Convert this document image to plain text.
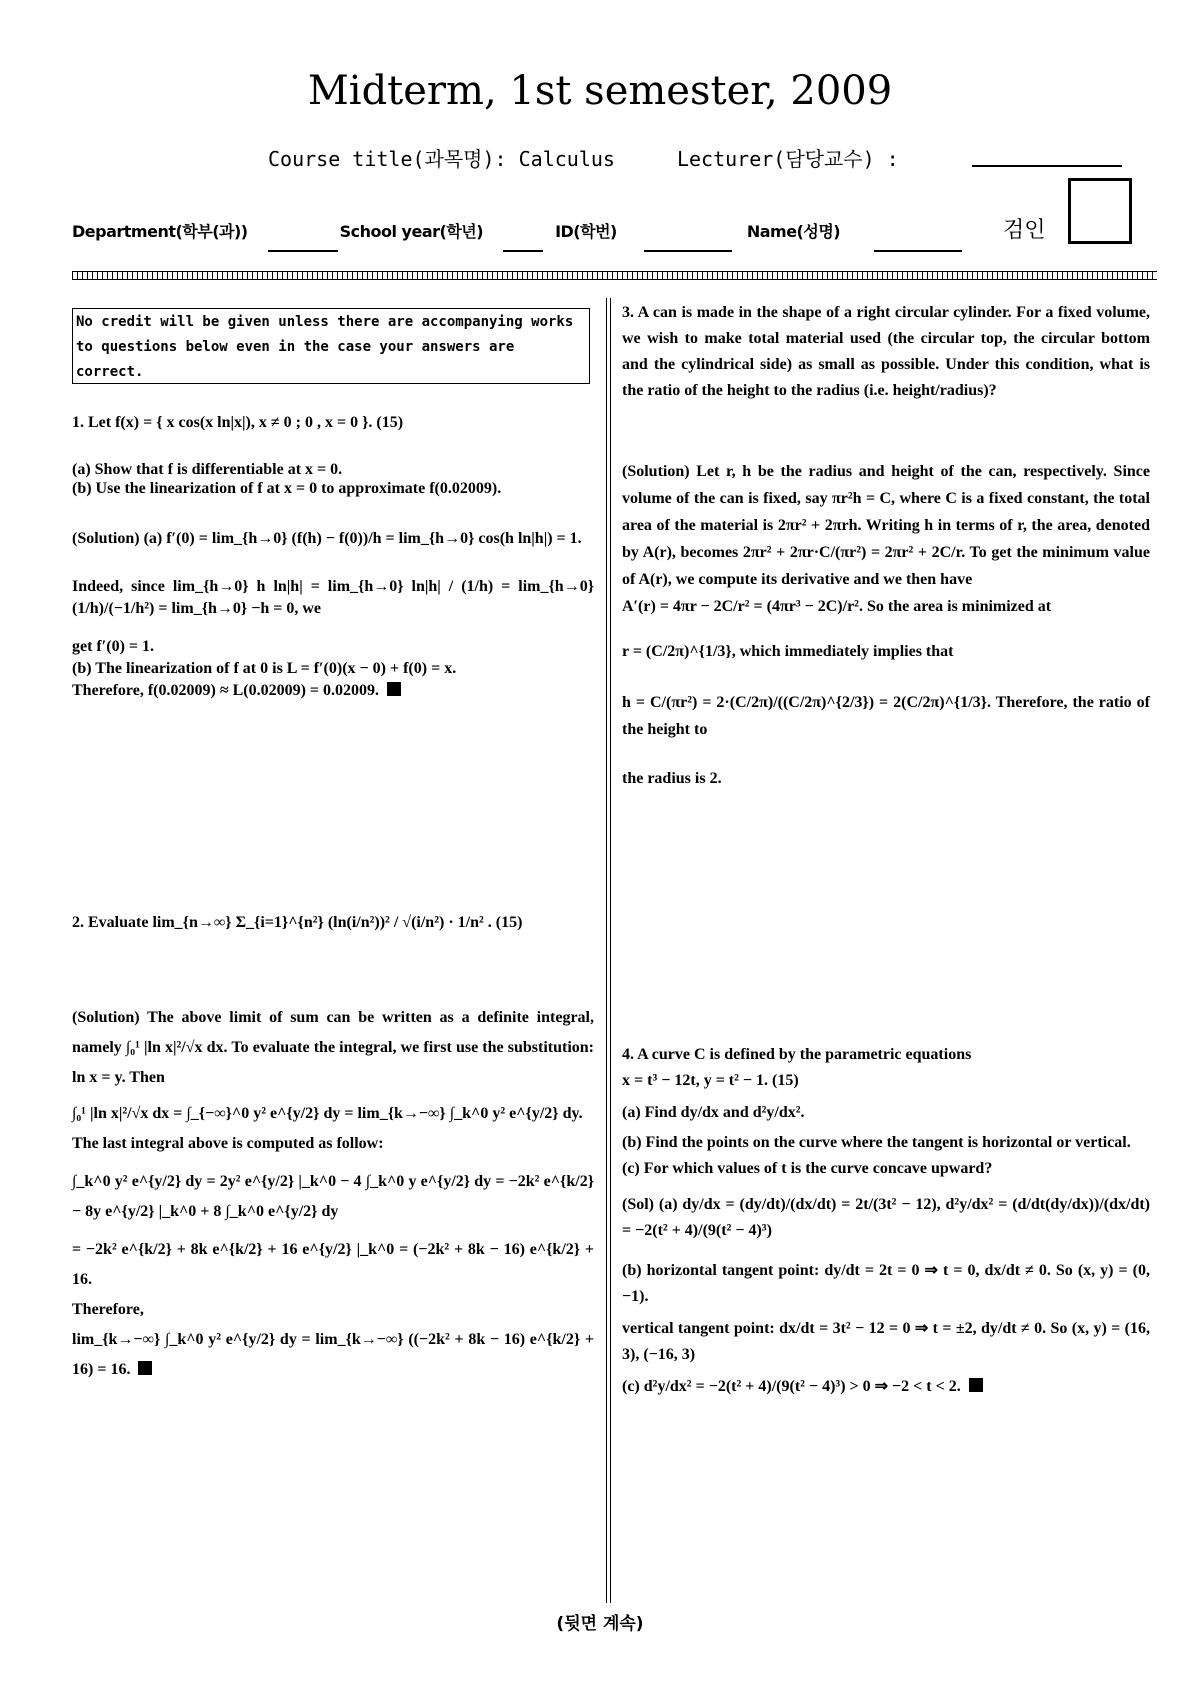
Midterm, 1st semester, 2009
Course title(과목명): Calculus	Lecturer(담당교수) :
Department(학부(과))	School year(학년)	ID(학번)	Name(성명)	검인
No credit will be given unless there are accompanying works to questions below even in the case your answers are correct.

1. Let f(x) = { x cos(x ln|x|), x ≠ 0 ; 0 , x = 0 }. (15)

(a) Show that f is differentiable at x = 0.

(b) Use the linearization of f at x = 0 to approximate f(0.02009).

(Solution) (a) f′(0) = lim_{h→0} (f(h) − f(0))/h = lim_{h→0} cos(h ln|h|) = 1.

Indeed, since lim_{h→0} h ln|h| = lim_{h→0} ln|h| / (1/h) = lim_{h→0} (1/h)/(−1/h²) = lim_{h→0} −h = 0, we

get f′(0) = 1.

(b) The linearization of f at 0 is L = f′(0)(x − 0) + f(0) = x.

Therefore, f(0.02009) ≈ L(0.02009) = 0.02009.

2. Evaluate lim_{n→∞} Σ_{i=1}^{n²} (ln(i/n²))² / √(i/n²) · 1/n² . (15)

(Solution) The above limit of sum can be written as a definite integral, namely ∫₀¹ |ln x|²/√x dx. To evaluate the integral, we first use the substitution: ln x = y. Then

∫₀¹ |ln x|²/√x dx = ∫_{−∞}^0 y² e^{y/2} dy = lim_{k→−∞} ∫_k^0 y² e^{y/2} dy.

The last integral above is computed as follow:

∫_k^0 y² e^{y/2} dy = 2y² e^{y/2} |_k^0 − 4 ∫_k^0 y e^{y/2} dy = −2k² e^{k/2} − 8y e^{y/2} |_k^0 + 8 ∫_k^0 e^{y/2} dy

= −2k² e^{k/2} + 8k e^{k/2} + 16 e^{y/2} |_k^0 = (−2k² + 8k − 16) e^{k/2} + 16.

Therefore,

lim_{k→−∞} ∫_k^0 y² e^{y/2} dy = lim_{k→−∞} ((−2k² + 8k − 16) e^{k/2} + 16) = 16.

3. A can is made in the shape of a right circular cylinder. For a fixed volume, we wish to make total material used (the circular top, the circular bottom and the cylindrical side) as small as possible. Under this condition, what is the ratio of the height to the radius (i.e. height/radius)?

(Solution) Let r, h be the radius and height of the can, respectively. Since volume of the can is fixed, say πr²h = C, where C is a fixed constant, the total area of the material is 2πr² + 2πrh. Writing h in terms of r, the area, denoted by A(r), becomes 2πr² + 2πr·C/(πr²) = 2πr² + 2C/r. To get the minimum value of A(r), we compute its derivative and we then have

A′(r) = 4πr − 2C/r² = (4πr³ − 2C)/r². So the area is minimized at

r = (C/2π)^{1/3}, which immediately implies that

h = C/(πr²) = 2·(C/2π)/((C/2π)^{2/3}) = 2(C/2π)^{1/3}. Therefore, the ratio of the height to

the radius is 2.

4. A curve C is defined by the parametric equations

x = t³ − 12t, y = t² − 1. (15)

(a) Find dy/dx and d²y/dx².

(b) Find the points on the curve where the tangent is horizontal or vertical.

(c) For which values of t is the curve concave upward?

(Sol) (a) dy/dx = (dy/dt)/(dx/dt) = 2t/(3t² − 12), d²y/dx² = (d/dt(dy/dx))/(dx/dt) = −2(t² + 4)/(9(t² − 4)³)

(b) horizontal tangent point: dy/dt = 2t = 0 ⇒ t = 0, dx/dt ≠ 0. So (x, y) = (0, −1).

vertical tangent point: dx/dt = 3t² − 12 = 0 ⇒ t = ±2, dy/dt ≠ 0. So (x, y) = (16, 3), (−16, 3)

(c) d²y/dx² = −2(t² + 4)/(9(t² − 4)³) > 0 ⇒ −2 < t < 2.

(뒷면 계속)
